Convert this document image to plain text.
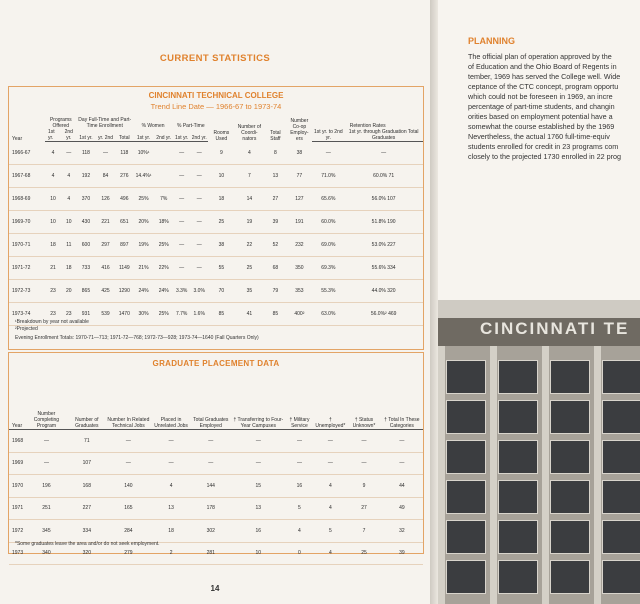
CURRENT STATISTICS
CINCINNATI TECHNICAL COLLEGE
Trend Line Date — 1966-67 to 1973-74
Year	Programs Offered		Day Full-Time and Part-Time Enrollment			% Women		% Part-Time		Rooms Used	Number of Coordi-nators	Total Staff	Number Co-op Employ-ers	Retention Rates	
	1st yr.	2nd yr.	1st yr.	yr. 2nd	Total	1st yr.	2nd yr.	1st yr.	2nd yr.					1st yr. to 2nd yr.	1st yr. through Graduation Total Graduates
1966-67	4	—	118	—	118	10%¹		—	—	9	4	8	38	—	—
1967-68	4	4	192	84	276	14.4%¹		—	—	10	7	13	77	71.0%	60.0% 71
1968-69	10	4	370	126	496	25%	7%	—	—	18	14	27	127	65.6%	56.0% 107
1969-70	10	10	430	221	651	20%	18%	—	—	25	19	39	191	60.0%	51.8% 190
1970-71	18	11	600	297	897	19%	25%	—	—	38	22	52	232	69.0%	53.0% 227
1971-72	21	18	733	416	1149	21%	22%	—	—	55	25	68	350	69.3%	55.6% 334
1972-73	23	20	865	425	1290	24%	24%	3.3%	3.0%	70	35	79	353	55.3%	44.0% 320
1973-74	23	23	931	539	1470	30%	25%	7.7%	1.6%	85	41	85	400²	63.0%	56.0%² 469
¹Breakdown by year not available
²Projected
Evening Enrollment Totals: 1970-71—713; 1971-72—768; 1972-73—928; 1973-74—1640 (Fall Quarters Only)
GRADUATE PLACEMENT DATA
Year	Number Completing Program	Number of Graduates	Number In Related Technical Jobs	Placed in Unrelated Jobs	Total Graduates Employed	† Transferring to Four-Year Campuses	† Military Service	† Unemployed*	† Status Unknown*	† Total In These Categories
1968	—	71	—	—	—	—	—	—	—	—
1969	—	107	—	—	—	—	—	—	—	—
1970	196	168	140	4	144	15	16	4	9	44
1971	251	227	165	13	178	13	5	4	27	49
1972	345	334	284	18	302	16	4	5	7	32
1973	340	320	279	2	281	10	0	4	25	39
*Some graduates leave the area and/or do not seek employment.
14
PLANNING
The official plan of operation approved by the
of Education and the Ohio Board of Regents in
tember, 1969 has served the College well. Wide
ceptance of the CTC concept, program opportu
which could not be foreseen in 1969, an incre
percentage of part-time students, and changin
orities based on employment potential have a
somewhat the course established by the 1969
Nevertheless, the actual 1760 full-time-equiv
students enrolled for credit in 23 programs com
closely to the projected 1730 enrolled in 22 prog
CINCINNATI TE
